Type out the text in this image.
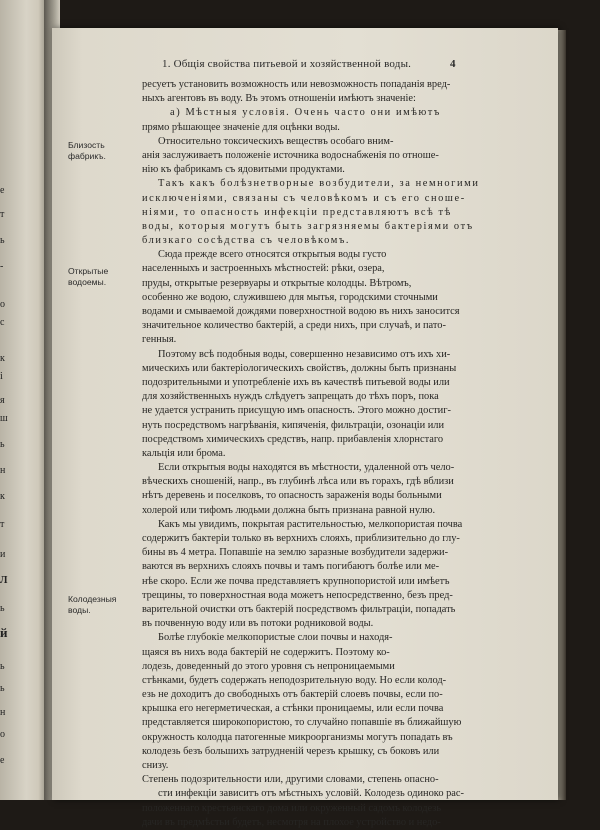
е
т
ь
-
о
с
к
і
я
ш
ь
н
к
т
и
Л
ь
й
ь
ь
н
о
е
1. Общія свойства питьевой и хозяйственной воды.	4
Близость фабрикъ.
Открытые водоемы.
Колодезныя воды.
ресуетъ установить возможность или невозможность попаданія вред-
ныхъ агентовъ въ воду. Въ этомъ отношеніи имѣютъ значеніе:
а) Мѣстныя условія. Очень часто они имѣютъ
прямо рѣшающее значеніе для оцѣнки воды.
Относительно токсическихъ веществъ особаго вним-
анія заслуживаетъ положеніе источника водоснабженія по отноше-
нію къ фабрикамъ съ ядовитыми продуктами.
Такъ какъ болѣзнетворные возбудители, за немногими
исключеніями, связаны съ человѣкомъ и съ его сноше-
ніями, то опасность инфекціи представляютъ всѣ тѣ
воды, которыя могутъ быть загрязняемы бактеріями отъ
близкаго сосѣдства съ человѣкомъ.
Сюда прежде всего относятся открытыя воды густо
населенныхъ и застроенныхъ мѣстностей: рѣки, озера,
пруды, открытые резервуары и открытые колодцы. Вѣтромъ,
особенно же водою, служившею для мытья, городскими сточными
водами и смываемой дождями поверхностной водою въ нихъ заносится
значительное количество бактерій, а среди нихъ, при случаѣ, и пато-
генныя.
Поэтому всѣ подобныя воды, совершенно независимо отъ ихъ хи-
мическихъ или бактеріологическихъ свойствъ, должны быть признаны
подозрительными и употребленіе ихъ въ качествѣ питьевой воды или
для хозяйственныхъ нуждъ слѣдуетъ запрещать до тѣхъ поръ, пока
не удается устранить присущую имъ опасность. Этого можно достиг-
нуть посредствомъ нагрѣванія, кипяченія, фильтраціи, озонаціи или
посредствомъ химическихъ средствъ, напр. прибавленія хлорнстаго
кальція или брома.
Если открытыя воды находятся въ мѣстности, удаленной отъ чело-
вѣческихъ сношеній, напр., въ глубинѣ лѣса или въ горахъ, гдѣ вблизи
нѣтъ деревень и поселковъ, то опасность зараженія воды больными
холерой или тифомъ людьми должна быть признана равной нулю.
Какъ мы увидимъ, покрытая растительностью, мелкопористая почва
содержитъ бактеріи только въ верхнихъ слояхъ, приблизительно до глу-
бины въ 4 метра. Попавшіе на землю заразные возбудители задержи-
ваются въ верхнихъ слояхъ почвы и тамъ погибаютъ болѣе или ме-
нѣе скоро. Если же почва представляетъ крупнопористой или имѣетъ
трещины, то поверхностная вода можетъ непосредственно, безъ пред-
варительной очистки отъ бактерій посредствомъ фильтраціи, попадать
въ почвенную воду или въ потоки родниковой воды.
Болѣе глубокіе мелкопористые слои почвы и находя-
щаяся въ нихъ вода бактерій не содержитъ. Поэтому ко-
лодезь, доведенный до этого уровня съ непроницаемыми
стѣнками, будетъ содержать неподозрительную воду. Но если колод-
езь не доходитъ до свободныхъ отъ бактерій слоевъ почвы, если по-
крышка его негерметическая, а стѣнки проницаемы, или если почва
представляется широкопористою, то случайно попавшіе въ ближайшую
окружность колодца патогенные микроорганизмы могутъ попадать въ
колодезь безъ большихъ затрудненій черезъ крышку, съ боковъ или
снизу.
Степень подозрительности или, другими словами, степень опасно-
сти инфекціи зависитъ отъ мѣстныхъ условій. Колодезь одиноко рас-
положеннаго крестьянскаго дома или окруженный садомъ колодезь
дачи въ предмѣстьи будетъ, несмотря на плохое устройство и недо-
